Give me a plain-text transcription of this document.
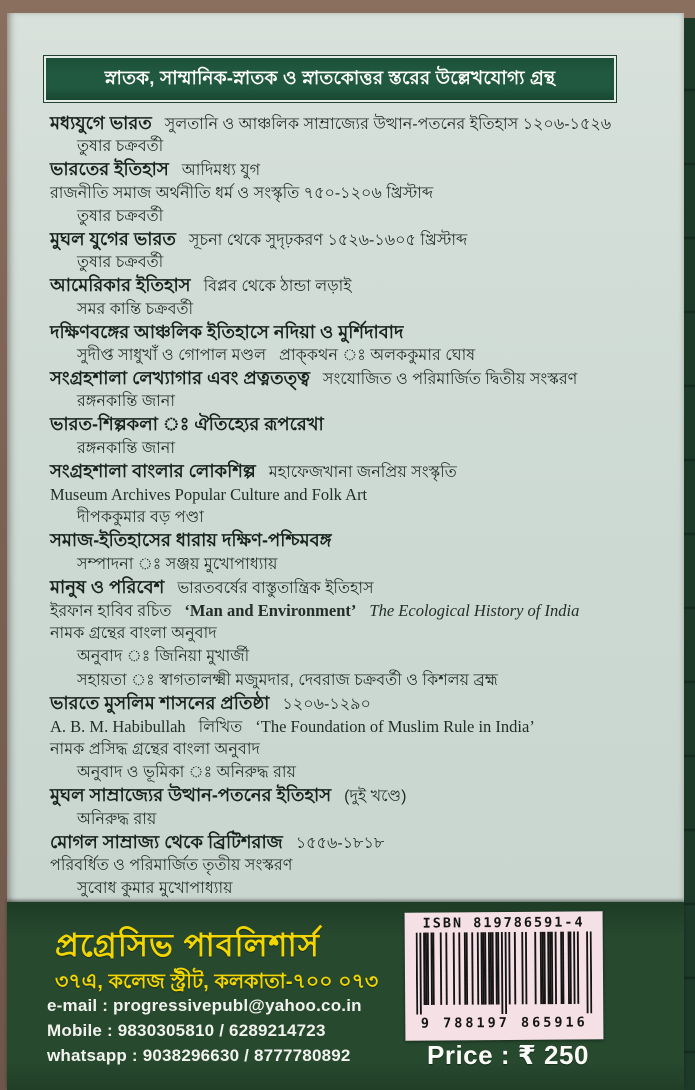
স্নাতক, সাম্মানিক-স্নাতক ও স্নাতকোত্তর স্তরের উল্লেখযোগ্য গ্রন্থ
মধ্যযুগে ভারত সুলতানি ও আঞ্চলিক সাম্রাজ্যের উত্থান-পতনের ইতিহাস ১২০৬-১৫২৬
তুষার চক্রবর্তী
ভারতের ইতিহাস আদিমধ্য যুগ
রাজনীতি সমাজ অর্থনীতি ধর্ম ও সংস্কৃতি ৭৫০-১২০৬ খ্রিস্টাব্দ
তুষার চক্রবর্তী
মুঘল যুগের ভারত সূচনা থেকে সুদৃঢ়করণ ১৫২৬-১৬০৫ খ্রিস্টাব্দ
তুষার চক্রবর্তী
আমেরিকার ইতিহাস বিপ্লব থেকে ঠান্ডা লড়াই
সমর কান্তি চক্রবর্তী
দক্ষিণবঙ্গের আঞ্চলিক ইতিহাসে নদিয়া ও মুর্শিদাবাদ
সুদীপ্ত সাধুখাঁ ও গোপাল মণ্ডল প্রাক্‌কথন ঃ অলককুমার ঘোষ
সংগ্রহশালা লেখ্যাগার এবং প্রত্নতত্ত্ব সংযোজিত ও পরিমার্জিত দ্বিতীয় সংস্করণ
রঙ্গনকান্তি জানা
ভারত-শিল্পকলা ঃ ঐতিহ্যের রূপরেখা
রঙ্গনকান্তি জানা
সংগ্রহশালা বাংলার লোকশিল্প মহাফেজখানা জনপ্রিয় সংস্কৃতি
Museum Archives Popular Culture and Folk Art
দীপককুমার বড় পণ্ডা
সমাজ-ইতিহাসের ধারায় দক্ষিণ-পশ্চিমবঙ্গ
সম্পাদনা ঃ সঞ্জয় মুখোপাধ্যায়
মানুষ ও পরিবেশ ভারতবর্ষের বাস্তুতান্ত্রিক ইতিহাস
ইরফান হাবিব রচিত ‘Man and Environment’ The Ecological History of India
নামক গ্রন্থের বাংলা অনুবাদ
অনুবাদ ঃ জিনিয়া মুখার্জী
সহায়তা ঃ স্বাগতালক্ষ্মী মজুমদার, দেবরাজ চক্রবর্তী ও কিশলয় ব্রহ্ম
ভারতে মুসলিম শাসনের প্রতিষ্ঠা ১২০৬-১২৯০
A. B. M. Habibullah লিখিত ‘The Foundation of Muslim Rule in India’
নামক প্রসিদ্ধ গ্রন্থের বাংলা অনুবাদ
অনুবাদ ও ভূমিকা ঃ অনিরুদ্ধ রায়
মুঘল সাম্রাজ্যের উত্থান-পতনের ইতিহাস (দুই খণ্ডে)
অনিরুদ্ধ রায়
মোগল সাম্রাজ্য থেকে ব্রিটিশরাজ ১৫৫৬-১৮১৮
পরিবর্ধিত ও পরিমার্জিত তৃতীয় সংস্করণ
সুবোধ কুমার মুখোপাধ্যায়
প্রগ্রেসিভ পাবলিশার্স
৩৭এ, কলেজ স্ট্রীট, কলকাতা-৭০০ ০৭৩
e-mail : progressivepubl@yahoo.co.in
Mobile : 9830305810 / 6289214723
whatsapp : 9038296630 / 8777780892
ISBN 819786591-4
9 788197 865916
Price : ₹ 250
